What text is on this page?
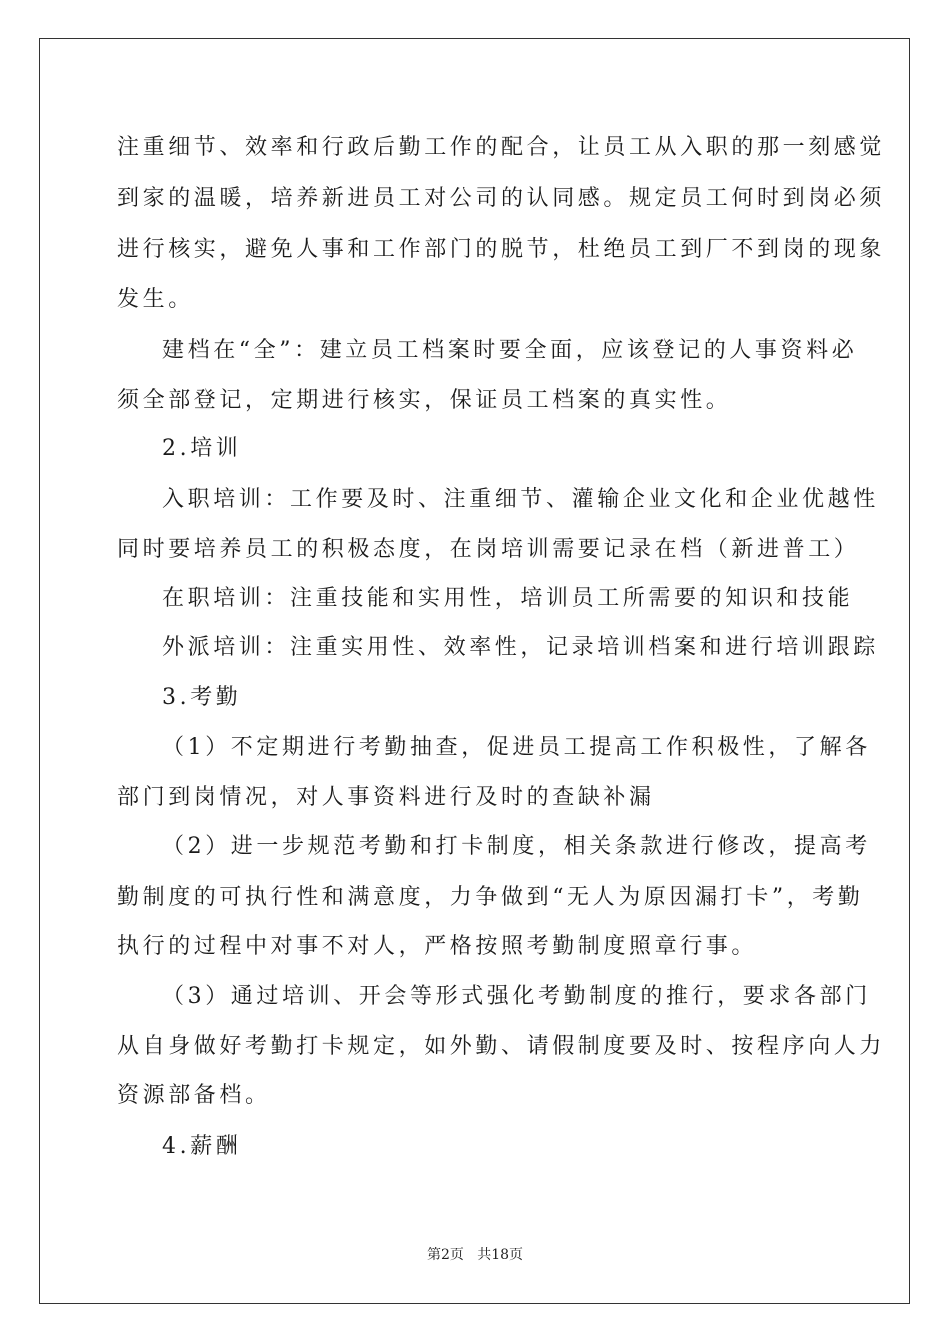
注重细节、效率和行政后勤工作的配合，让员工从入职的那一刻感觉
到家的温暖，培养新进员工对公司的认同感。规定员工何时到岗必须
进行核实，避免人事和工作部门的脱节，杜绝员工到厂不到岗的现象
发生。
建档在“全”：建立员工档案时要全面，应该登记的人事资料必
须全部登记，定期进行核实，保证员工档案的真实性。
2.培训
入职培训：工作要及时、注重细节、灌输企业文化和企业优越性
同时要培养员工的积极态度，在岗培训需要记录在档（新进普工）
在职培训：注重技能和实用性，培训员工所需要的知识和技能
外派培训：注重实用性、效率性，记录培训档案和进行培训跟踪
3.考勤
（1）不定期进行考勤抽查，促进员工提高工作积极性，了解各
部门到岗情况，对人事资料进行及时的查缺补漏
（2）进一步规范考勤和打卡制度，相关条款进行修改，提高考
勤制度的可执行性和满意度，力争做到“无人为原因漏打卡”，考勤
执行的过程中对事不对人，严格按照考勤制度照章行事。
（3）通过培训、开会等形式强化考勤制度的推行，要求各部门
从自身做好考勤打卡规定，如外勤、请假制度要及时、按程序向人力
资源部备档。
4.薪酬
第2页   共18页
